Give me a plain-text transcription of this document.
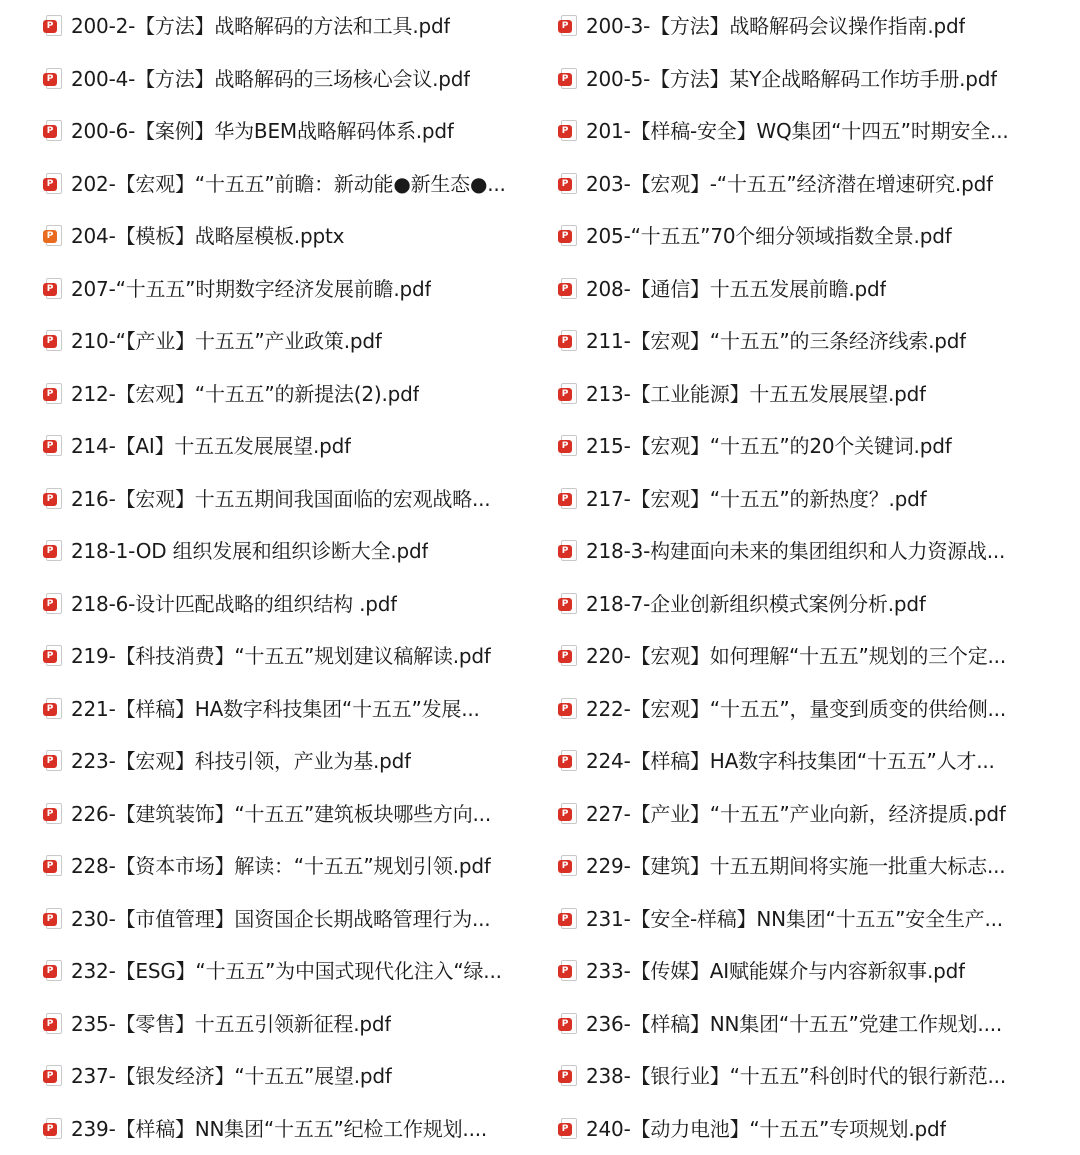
P 200-2-【方法】战略解码的方法和工具.pdf	P 200-3-【方法】战略解码会议操作指南.pdf
P 200-4-【方法】战略解码的三场核心会议.pdf	P 200-5-【方法】某Y企战略解码工作坊手册.pdf
P 200-6-【案例】华为BEM战略解码体系.pdf	P 201-【样稿-安全】WQ集团“十四五”时期安全...
P 202-【宏观】“十五五”前瞻：新动能●新生态●...	P 203-【宏观】-“十五五”经济潜在增速研究.pdf
P 204-【模板】战略屋模板.pptx	P 205-“十五五”70个细分领域指数全景.pdf
P 207-“十五五”时期数字经济发展前瞻.pdf	P 208-【通信】十五五发展前瞻.pdf
P 210-“【产业】十五五”产业政策.pdf	P 211-【宏观】“十五五”的三条经济线索.pdf
P 212-【宏观】“十五五”的新提法(2).pdf	P 213-【工业能源】十五五发展展望.pdf
P 214-【AI】十五五发展展望.pdf	P 215-【宏观】“十五五”的20个关键词.pdf
P 216-【宏观】十五五期间我国面临的宏观战略...	P 217-【宏观】“十五五”的新热度？.pdf
P 218-1-OD 组织发展和组织诊断大全.pdf	P 218-3-构建面向未来的集团组织和人力资源战...
P 218-6-设计匹配战略的组织结构 .pdf	P 218-7-企业创新组织模式案例分析.pdf
P 219-【科技消费】“十五五”规划建议稿解读.pdf	P 220-【宏观】如何理解“十五五”规划的三个定...
P 221-【样稿】HA数字科技集团“十五五”发展...	P 222-【宏观】“十五五”，量变到质变的供给侧...
P 223-【宏观】科技引领，产业为基.pdf	P 224-【样稿】HA数字科技集团“十五五”人才...
P 226-【建筑装饰】“十五五”建筑板块哪些方向...	P 227-【产业】“十五五”产业向新，经济提质.pdf
P 228-【资本市场】解读：“十五五”规划引领.pdf	P 229-【建筑】十五五期间将实施一批重大标志...
P 230-【市值管理】国资国企长期战略管理行为...	P 231-【安全-样稿】NN集团“十五五”安全生产...
P 232-【ESG】“十五五”为中国式现代化注入“绿...	P 233-【传媒】AI赋能媒介与内容新叙事.pdf
P 235-【零售】十五五引领新征程.pdf	P 236-【样稿】NN集团“十五五”党建工作规划....
P 237-【银发经济】“十五五”展望.pdf	P 238-【银行业】“十五五”科创时代的银行新范...
P 239-【样稿】NN集团“十五五”纪检工作规划....	P 240-【动力电池】“十五五”专项规划.pdf
